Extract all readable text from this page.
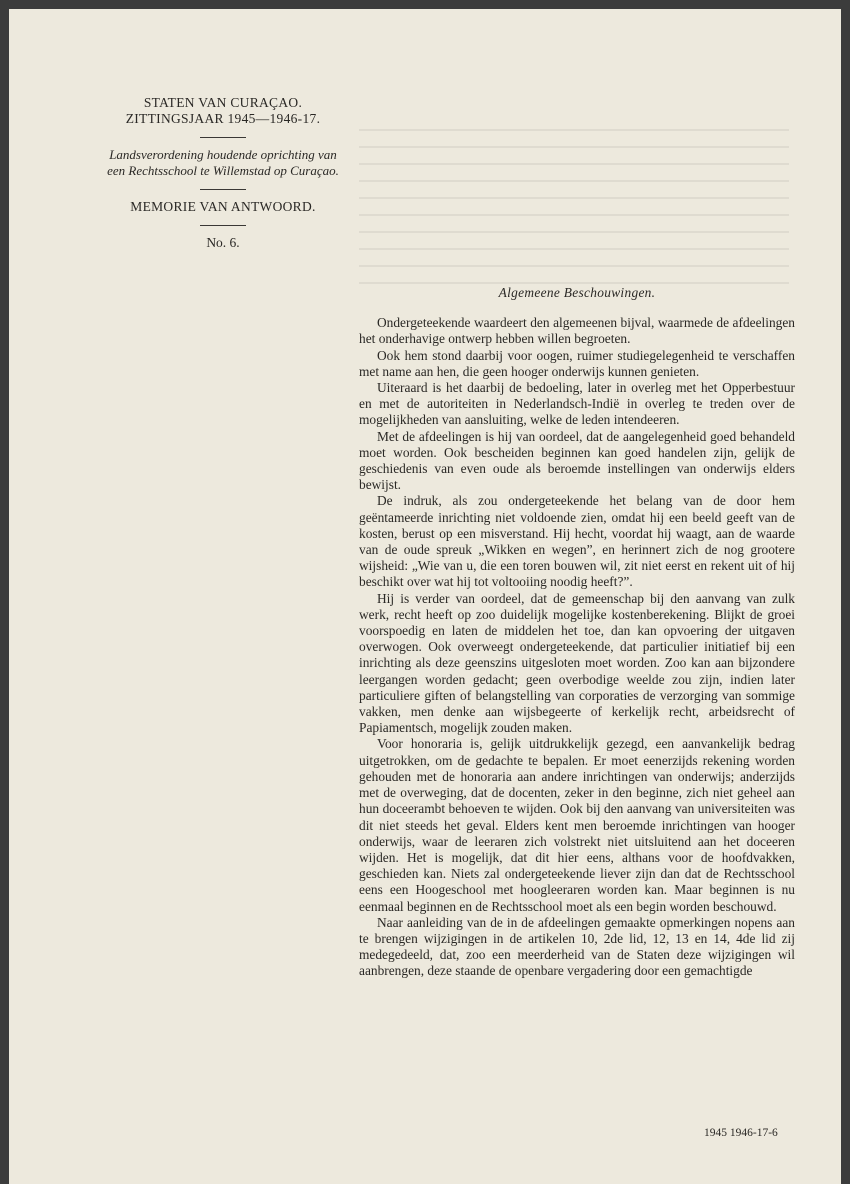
STATEN VAN CURAÇAO.
ZITTINGSJAAR 1945—1946-17.
Landsverordening houdende oprichting van
een Rechtsschool te Willemstad op Curaçao.
MEMORIE VAN ANTWOORD.
No. 6.
Algemeene Beschouwingen.

Ondergeteekende waardeert den algemeenen bijval, waarmede de afdeelingen het onderhavige ontwerp hebben willen begroeten.

Ook hem stond daarbij voor oogen, ruimer studiegelegenheid te verschaffen met name aan hen, die geen hooger onderwijs kunnen genieten.

Uiteraard is het daarbij de bedoeling, later in overleg met het Opperbestuur en met de autoriteiten in Nederlandsch-Indië in overleg te treden over de mogelijkheden van aansluiting, welke de leden intendeeren.

Met de afdeelingen is hij van oordeel, dat de aangelegenheid goed behandeld moet worden. Ook bescheiden beginnen kan goed handelen zijn, gelijk de geschiedenis van even oude als beroemde instellingen van onderwijs elders bewijst.

De indruk, als zou ondergeteekende het belang van de door hem geëntameerde inrichting niet voldoende zien, omdat hij een beeld geeft van de kosten, berust op een misverstand. Hij hecht, voordat hij waagt, aan de waarde van de oude spreuk „Wikken en wegen”, en herinnert zich de nog grootere wijsheid: „Wie van u, die een toren bouwen wil, zit niet eerst en rekent uit of hij beschikt over wat hij tot voltooiing noodig heeft?”.

Hij is verder van oordeel, dat de gemeenschap bij den aanvang van zulk werk, recht heeft op zoo duidelijk mogelijke kostenberekening. Blijkt de groei voorspoedig en laten de middelen het toe, dan kan opvoering der uitgaven overwogen. Ook overweegt ondergeteekende, dat particulier initiatief bij een inrichting als deze geenszins uitgesloten moet worden. Zoo kan aan bijzondere leergangen worden gedacht; geen overbodige weelde zou zijn, indien later particuliere giften of belangstelling van corporaties de verzorging van sommige vakken, men denke aan wijsbegeerte of kerkelijk recht, arbeidsrecht of Papiamentsch, mogelijk zouden maken.

Voor honoraria is, gelijk uitdrukkelijk gezegd, een aanvankelijk bedrag uitgetrokken, om de gedachte te bepalen. Er moet eenerzijds rekening worden gehouden met de honoraria aan andere inrichtingen van onderwijs; anderzijds met de overweging, dat de docenten, zeker in den beginne, zich niet geheel aan hun doceerambt behoeven te wijden. Ook bij den aanvang van universiteiten was dit niet steeds het geval. Elders kent men beroemde inrichtingen van hooger onderwijs, waar de leeraren zich volstrekt niet uitsluitend aan het doceeren wijden. Het is mogelijk, dat dit hier eens, althans voor de hoofdvakken, geschieden kan. Niets zal ondergeteekende liever zijn dan dat de Rechtsschool eens een Hoogeschool met hoogleeraren worden kan. Maar beginnen is nu eenmaal beginnen en de Rechtsschool moet als een begin worden beschouwd.

Naar aanleiding van de in de afdeelingen gemaakte opmerkingen nopens aan te brengen wijzigingen in de artikelen 10, 2de lid, 12, 13 en 14, 4de lid zij medegedeeld, dat, zoo een meerderheid van de Staten deze wijzigingen wil aanbrengen, deze staande de openbare vergadering door een gemachtigde

1945 1946-17-6
